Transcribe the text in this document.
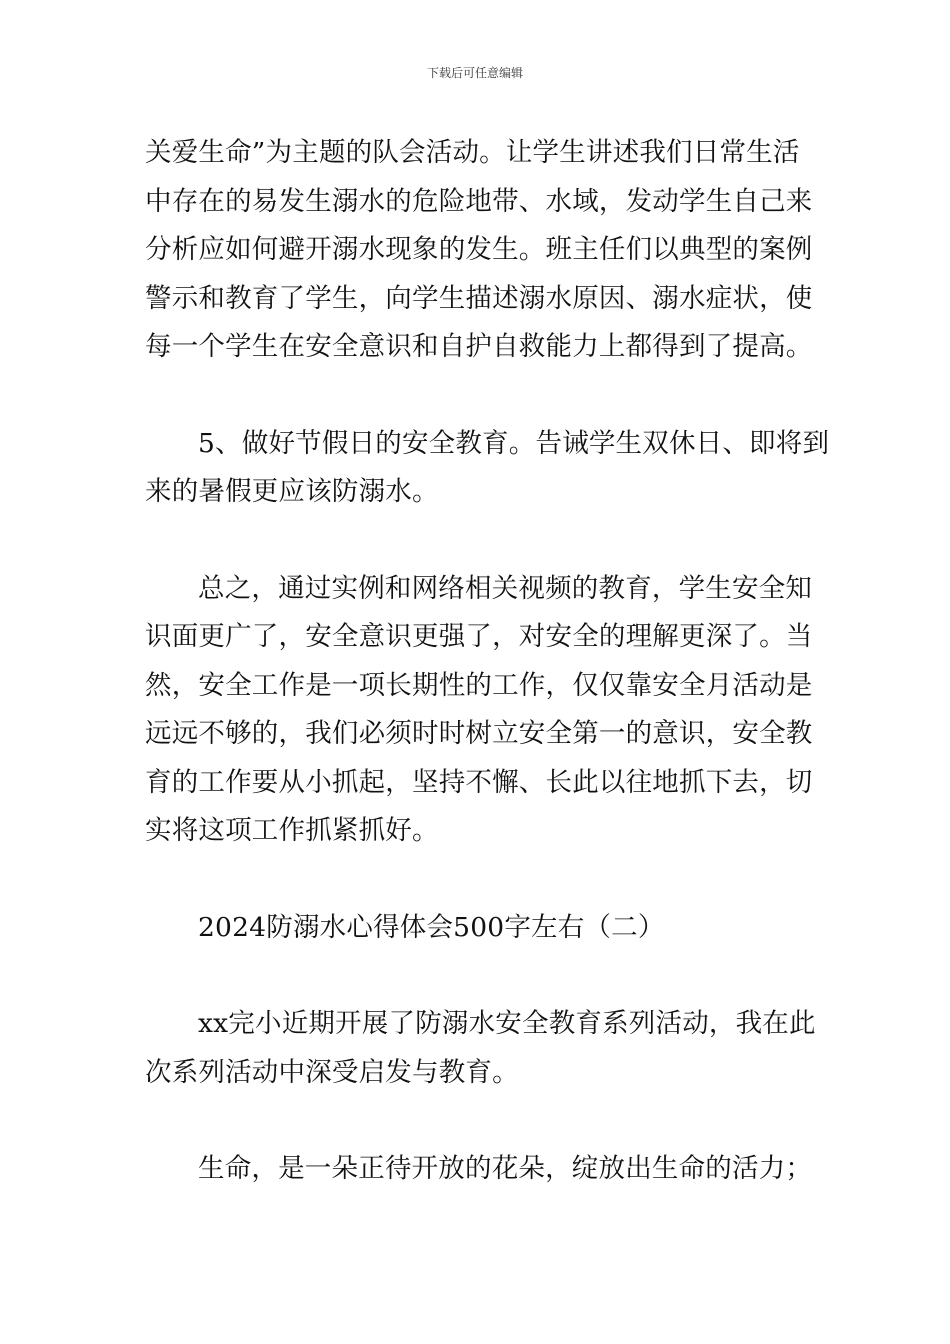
下载后可任意编辑

关爱生命”为主题的队会活动。让学生讲述我们日常生活
中存在的易发生溺水的危险地带、水域，发动学生自己来
分析应如何避开溺水现象的发生。班主任们以典型的案例
警示和教育了学生，向学生描述溺水原因、溺水症状，使
每一个学生在安全意识和自护自救能力上都得到了提高。

5、做好节假日的安全教育。告诫学生双休日、即将到
来的暑假更应该防溺水。

总之，通过实例和网络相关视频的教育，学生安全知
识面更广了，安全意识更强了，对安全的理解更深了。当
然，安全工作是一项长期性的工作，仅仅靠安全月活动是
远远不够的，我们必须时时树立安全第一的意识，安全教
育的工作要从小抓起，坚持不懈、长此以往地抓下去，切
实将这项工作抓紧抓好。

2024防溺水心得体会500字左右（二）

xx完小近期开展了防溺水安全教育系列活动，我在此
次系列活动中深受启发与教育。

生命，是一朵正待开放的花朵，绽放出生命的活力；
